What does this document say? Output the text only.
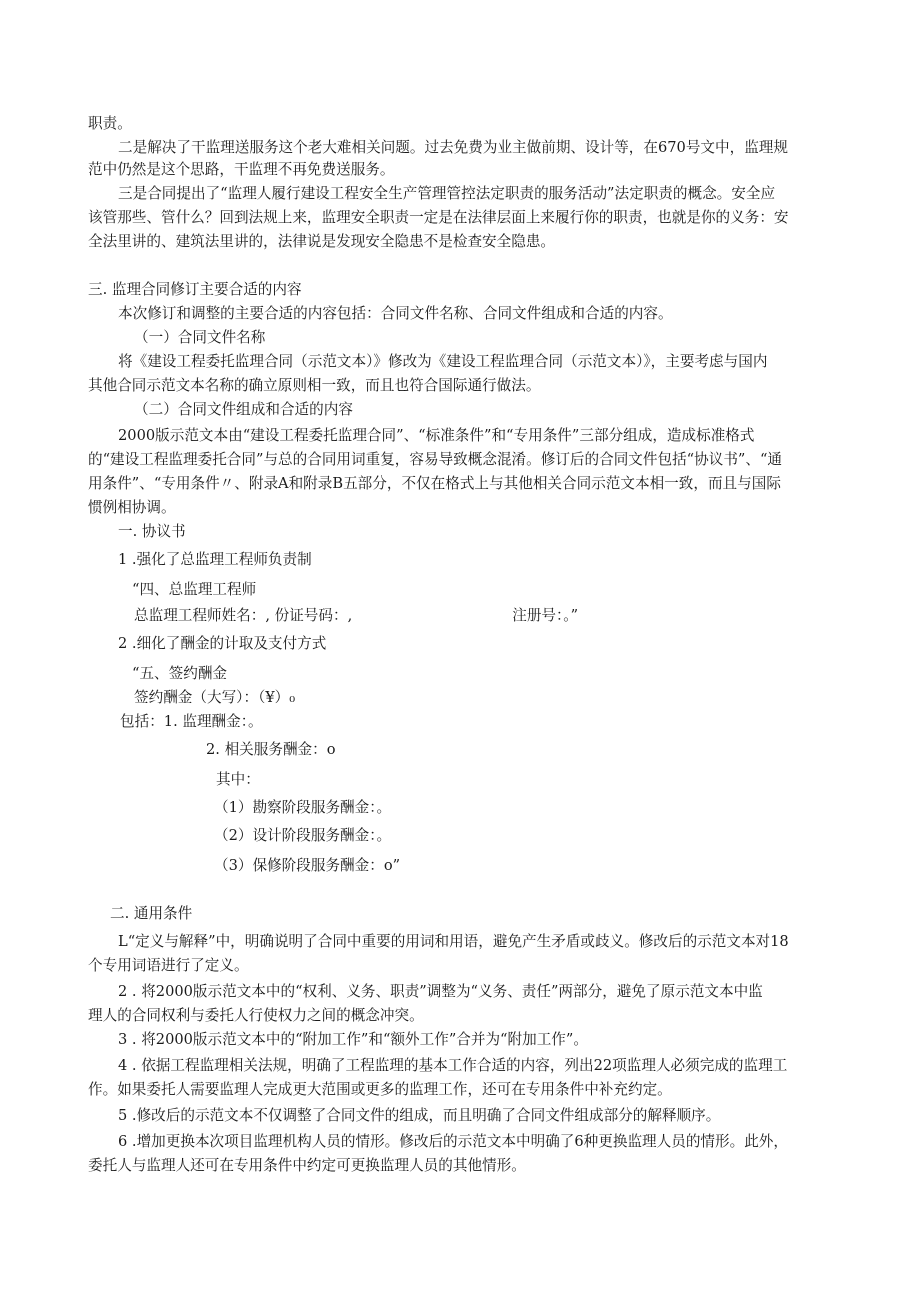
职责。
二是解决了干监理送服务这个老大难相关问题。过去免费为业主做前期、设计等，在670号文中，监理规
范中仍然是这个思路，干监理不再免费送服务。
三是合同提出了“监理人履行建设工程安全生产管理管控法定职责的服务活动”法定职责的概念。安全应
该管那些、管什么？回到法规上来，监理安全职责一定是在法律层面上来履行你的职责，也就是你的义务：安
全法里讲的、建筑法里讲的，法律说是发现安全隐患不是检查安全隐患。
三. 监理合同修订主要合适的内容
本次修订和调整的主要合适的内容包括：合同文件名称、合同文件组成和合适的内容。
（一）合同文件名称
将《建设工程委托监理合同（示范文本）》修改为《建设工程监理合同（示范文本）》，主要考虑与国内
其他合同示范文本名称的确立原则相一致，而且也符合国际通行做法。
（二）合同文件组成和合适的内容
2000版示范文本由“建设工程委托监理合同”、“标准条件”和“专用条件”三部分组成，造成标准格式
的“建设工程监理委托合同”与总的合同用词重复，容易导致概念混淆。修订后的合同文件包括“协议书”、“通
用条件”、“专用条件〃、附录A和附录B五部分，不仅在格式上与其他相关合同示范文本相一致，而且与国际
惯例相协调。
一. 协议书
1 .强化了总监理工程师负责制
“四、总监理工程师
总监理工程师姓名：, 份证号码：,	注册号：。”
2 .细化了酬金的计取及支付方式
“五、签约酬金
签约酬金（大写）：（¥）₀
包括：1. 监理酬金：。
2. 相关服务酬金：o
其中：
（1）勘察阶段服务酬金：。
（2）设计阶段服务酬金：。
（3）保修阶段服务酬金：o”
二. 通用条件
L“定义与解释”中，明确说明了合同中重要的用词和用语，避免产生矛盾或歧义。修改后的示范文本对18
个专用词语进行了定义。
2 . 将2000版示范文本中的“权利、义务、职责”调整为“义务、责任”两部分，避免了原示范文本中监
理人的合同权利与委托人行使权力之间的概念冲突。
3 . 将2000版示范文本中的“附加工作”和“额外工作”合并为“附加工作”。
4 . 依据工程监理相关法规，明确了工程监理的基本工作合适的内容，列出22项监理人必须完成的监理工
作。如果委托人需要监理人完成更大范围或更多的监理工作，还可在专用条件中补充约定。
5 .修改后的示范文本不仅调整了合同文件的组成，而且明确了合同文件组成部分的解释顺序。
6 .增加更换本次项目监理机构人员的情形。修改后的示范文本中明确了6种更换监理人员的情形。此外，
委托人与监理人还可在专用条件中约定可更换监理人员的其他情形。
